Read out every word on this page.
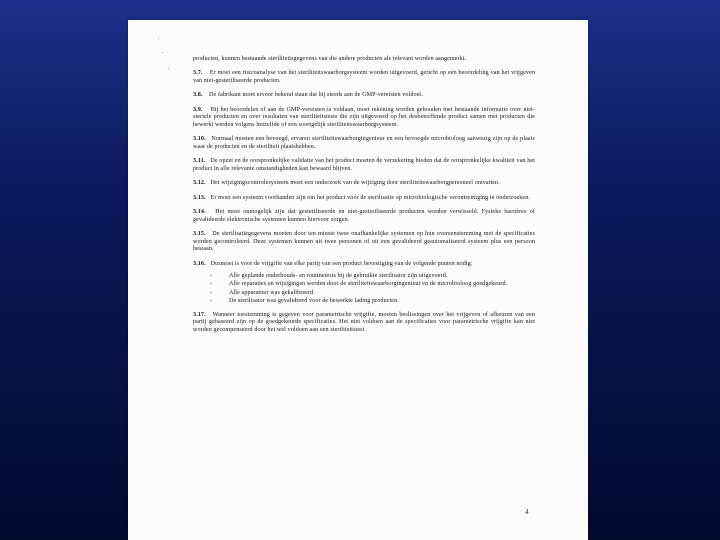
producten, kunnen bestaande steriliteitsgegevens van die andere producten als relevant worden aangemerkt.

3.7. Er moet een risicoanalyse van het steriliteitswaarborgsysteem worden uitgevoerd, gericht op een beoordeling van het vrijgeven van niet-gesteriliseerde producten.

3.8. De fabrikant moet ervoor bekend staan dat hij steeds aan de GMP-vereisten voldoet.

3.9. Bij het beoordelen of aan de GMP-vereisten is voldaan, moet rekening worden gehouden met bestaande informatie over niet-steriele producten en over resultaten van steriliteitstests die zijn uitgevoerd op het desbetreffende product samen met producten die bewerkt werden volgens hetzelfde of een soortgelijk steriliteitswaarborgsysteem.

3.10. Normaal moeten een bevoegd, ervaren steriliteitswaarborgingenieur en een bevoegde microbioloog aanwezig zijn op de plaats waar de producten en de steriliteit plaatshebben.

3.11. De opzet en de oorspronkelijke validatie van het product moeten de verzekering bieden dat de oorspronkelijke kwaliteit van het product in alle relevante omstandigheden kan bewaard blijven.

3.12. Het wijzigingscontrolesysteem moet een onderzoek van de wijziging door steriliteitswaarborgpersoneel omvatten.

3.13. Er moet een systeem voorhanden zijn om het product vóór de sterilisatie op microbiologische verontreiniging te onderzoeken.

3.14. Het moet onmogelijk zijn dat gesteriliseerde en niet-gesteriliseerde producten worden verwisseld. Fysieke barrières of gevalideerde elektronische systemen kunnen hiervoor zorgen.

3.15. De sterilisatiegegevens moeten door ten minste twee onafhankelijke systemen op hun overeenstemming met de specificaties worden gecontroleerd. Deze systemen kunnen uit twee personen of uit een gevalideerd geautomatiseerd systeem plus een persoon bestaan.

3.16. Dusmoet is voor de vrijgifte van elke partij van een product bevestiging van de volgende punten nodig:

- Alle geplande onderhouds- en routinetests bij de gebruikte sterilisator zijn uitgevoerd.
- Alle reparaties en wijzigingen werden door de steriliteitswaarborgingenieur en de microbioloog goedgekeurd.
- Alle apparatuur was gekalibreerd.
- De sterilisator was gevalideerd voor de bewerkte lading producten.

3.17. Wanneer toestemming is gegeven voor parametrische vrijgifte, moeten beslissingen over het vrijgeven of afkeuren van een partij gebaseerd zijn op de goedgekeurde specificaties. Het niet voldoen aan de specificaties voor parametrische vrijgifte kan niet worden gecompenseerd door het wel voldoen aan een steriliteitstest.

4
